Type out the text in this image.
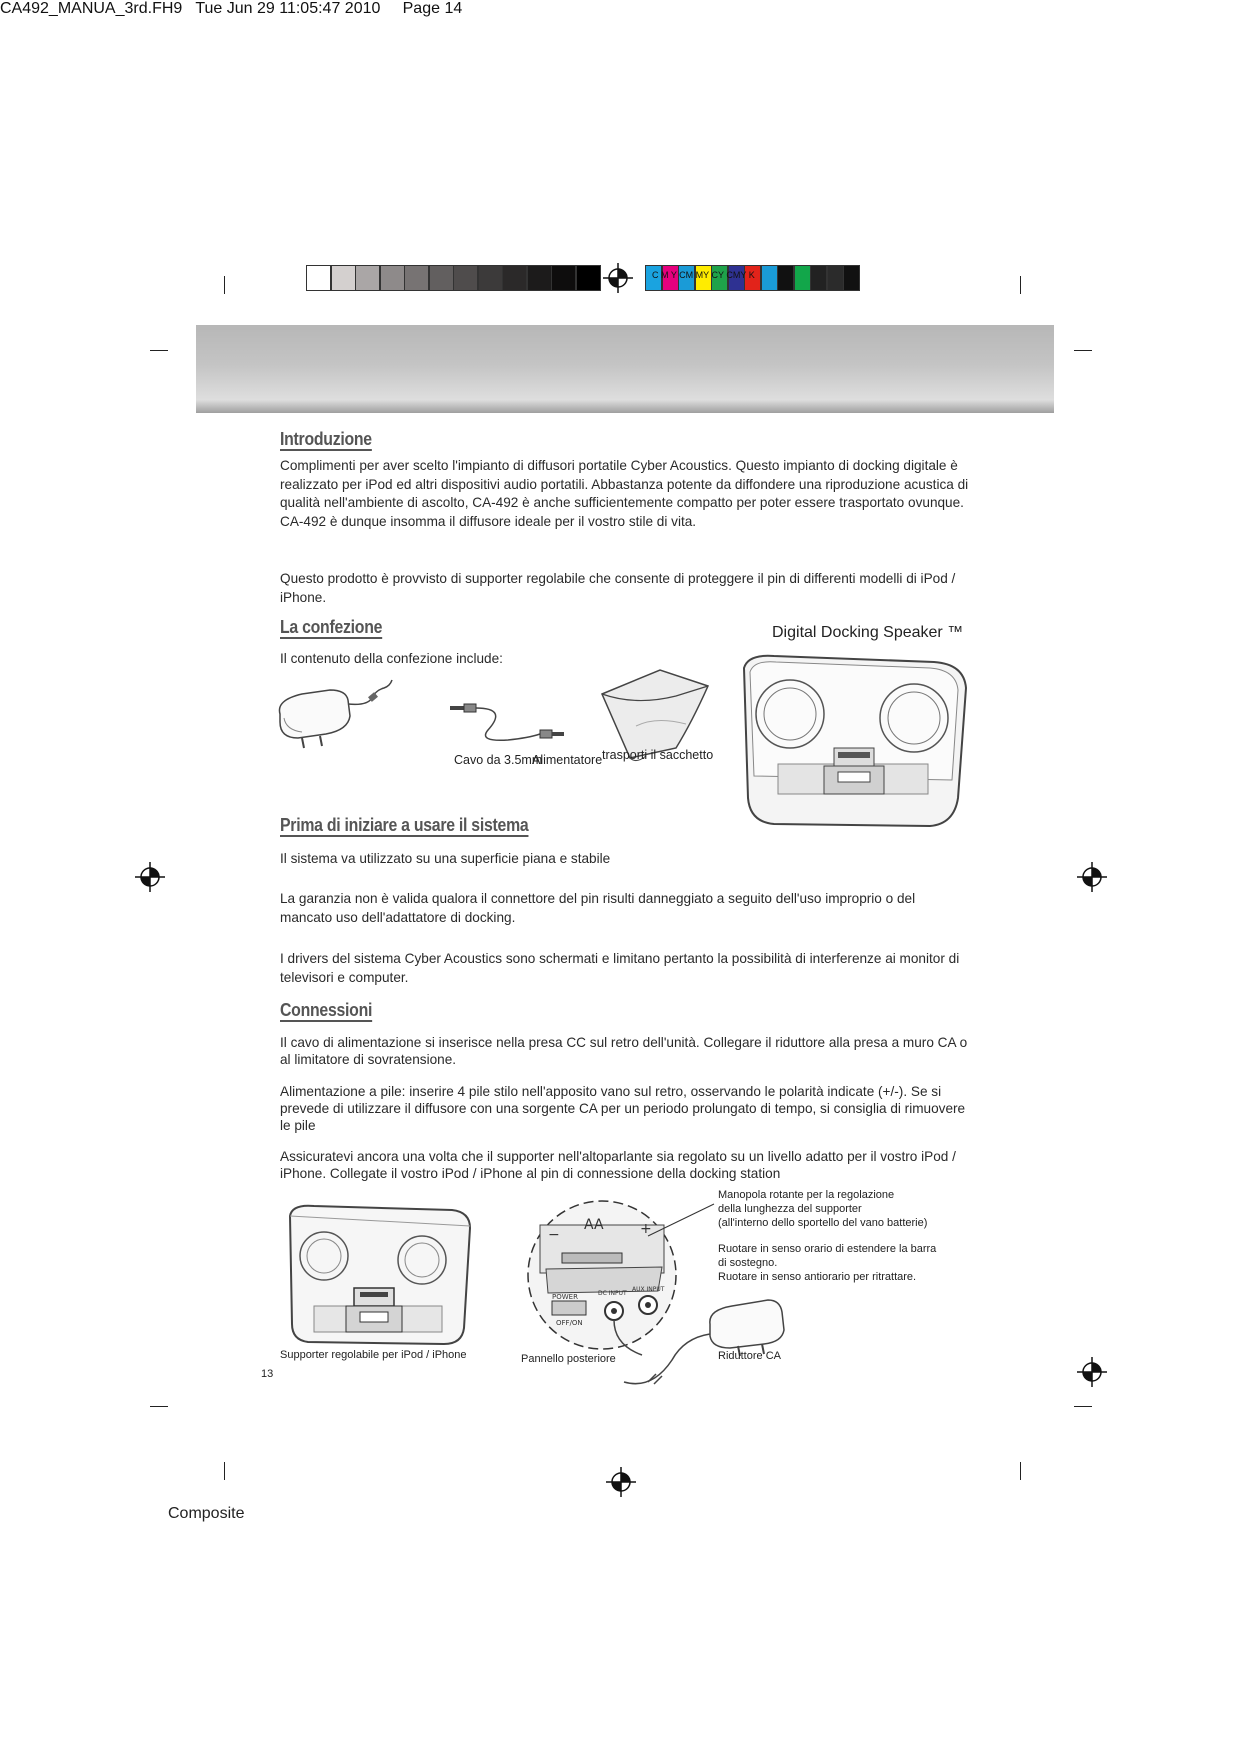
CA492_MANUA_3rd.FH9 Tue Jun 29 11:05:47 2010 Page 14
C M Y CM MY CY CMY K
Introduzione
Complimenti per aver scelto l'impianto di diffusori portatile Cyber Acoustics. Questo impianto di docking digitale è realizzato per iPod ed altri dispositivi audio portatili. Abbastanza potente da diffondere una riproduzione acustica di qualità nell'ambiente di ascolto, CA-492 è anche sufficientemente compatto per poter essere trasportato ovunque. CA-492 è dunque insomma il diffusore ideale per il vostro stile di vita.
Questo prodotto è provvisto di supporter regolabile che consente di proteggere il pin di differenti modelli di iPod / iPhone.
La confezione
Il contenuto della confezione include:
Digital Docking Speaker ™
Cavo da 3.5mm
Alimentatore trasporti il sacchetto
Prima di iniziare a usare il sistema
Il sistema va utilizzato su una superficie piana e stabile
La garanzia non è valida qualora il connettore del pin risulti danneggiato a seguito dell'uso improprio o del mancato uso dell'adattatore di docking.
I drivers del sistema Cyber Acoustics sono schermati e limitano pertanto la possibilità di interferenze ai monitor di televisori e computer.
Connessioni
Il cavo di alimentazione si inserisce nella presa CC sul retro dell'unità. Collegare il riduttore alla presa a muro CA o al limitatore di sovratensione.
Alimentazione a pile: inserire 4 pile stilo nell'apposito vano sul retro, osservando le polarità indicate (+/-). Se si prevede di utilizzare il diffusore con una sorgente CA per un periodo prolungato di tempo, si consiglia di rimuovere le pile
Assicuratevi ancora una volta che il supporter nell'altoparlante sia regolato su un livello adatto per il vostro iPod / iPhone. Collegate il vostro iPod / iPhone al pin di connessione della docking station
AA
−	+
POWER
OFF/ON
DC INPUT
AUX INPUT
Manopola rotante per la regolazione
della lunghezza del supporter
(all'interno dello sportello del vano batterie)
Ruotare in senso orario di estendere la barra
di sostegno.
Ruotare in senso antiorario per ritrattare.
Supporter regolabile per iPod / iPhone	Pannello posteriore	Riduttore CA
13
Composite
